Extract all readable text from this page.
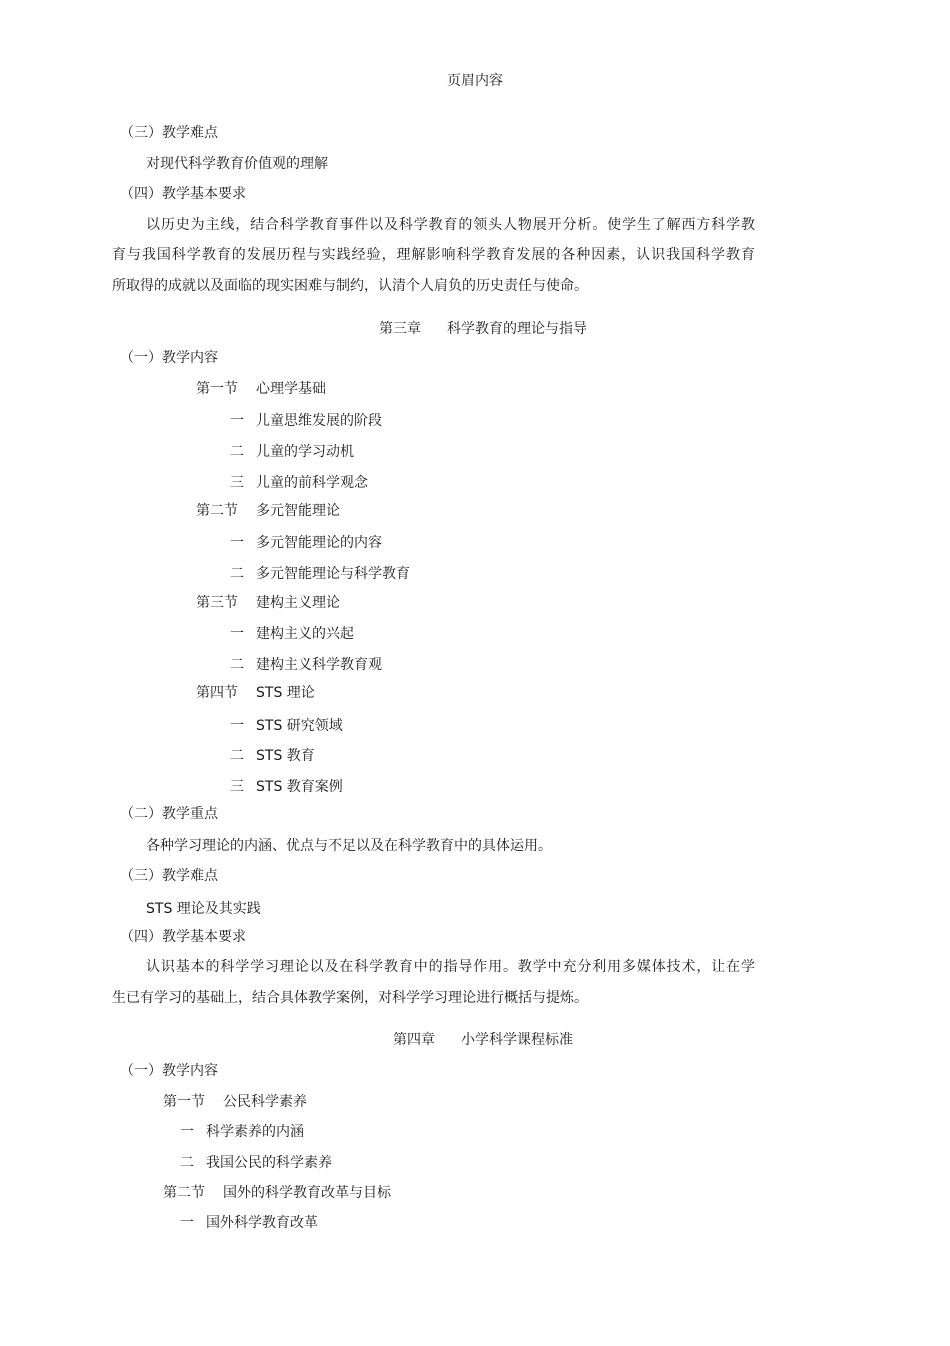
页眉内容
（三）教学难点
对现代科学教育价值观的理解
（四）教学基本要求
以历史为主线，结合科学教育事件以及科学教育的领头人物展开分析。使学生了解西方科学教
育与我国科学教育的发展历程与实践经验，理解影响科学教育发展的各种因素，认识我国科学教育
所取得的成就以及面临的现实困难与制约，认清个人肩负的历史责任与使命。
第三章 科学教育的理论与指导
（一）教学内容
第一节 心理学基础
一 儿童思维发展的阶段
二 儿童的学习动机
三 儿童的前科学观念
第二节 多元智能理论
一 多元智能理论的内容
二 多元智能理论与科学教育
第三节 建构主义理论
一 建构主义的兴起
二 建构主义科学教育观
第四节 STS 理论
一 STS 研究领域
二 STS 教育
三 STS 教育案例
（二）教学重点
各种学习理论的内涵、优点与不足以及在科学教育中的具体运用。
（三）教学难点
STS 理论及其实践
（四）教学基本要求
认识基本的科学学习理论以及在科学教育中的指导作用。教学中充分利用多媒体技术，让在学
生已有学习的基础上，结合具体教学案例，对科学学习理论进行概括与提炼。
第四章 小学科学课程标准
（一）教学内容
第一节 公民科学素养
一 科学素养的内涵
二 我国公民的科学素养
第二节 国外的科学教育改革与目标
一 国外科学教育改革
